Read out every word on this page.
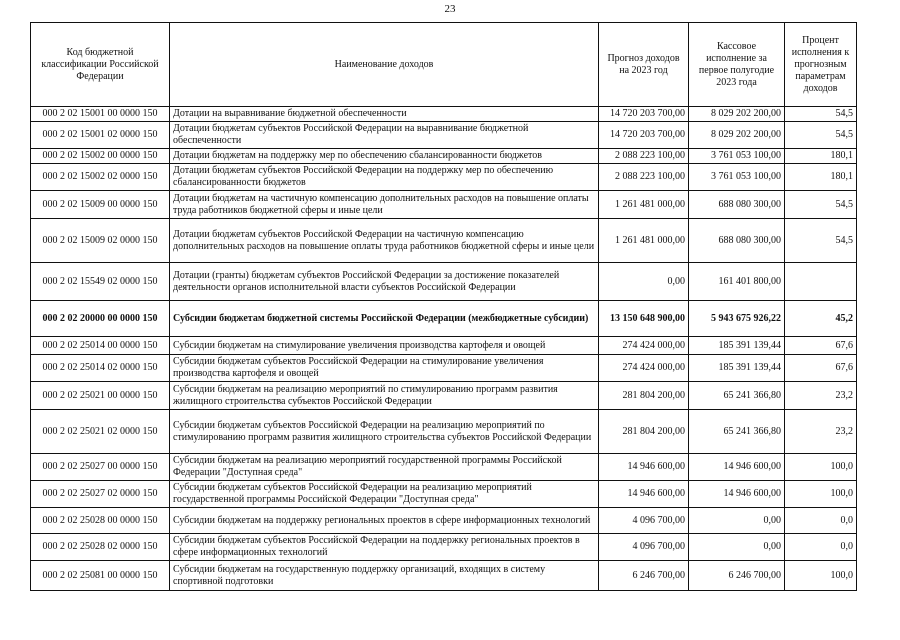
23
Код бюджетной классификации Российской Федерации	Наименование доходов	Прогноз доходов на 2023 год	Кассовое исполнение за первое полугодие 2023 года	Процент исполнения к прогнозным параметрам доходов
000 2 02 15001 00 0000 150	Дотации на выравнивание бюджетной обеспеченности	14 720 203 700,00	8 029 202 200,00	54,5
000 2 02 15001 02 0000 150	Дотации бюджетам субъектов Российской Федерации на выравнивание бюджетной обеспеченности	14 720 203 700,00	8 029 202 200,00	54,5
000 2 02 15002 00 0000 150	Дотации бюджетам на поддержку мер по обеспечению сбалансированности бюджетов	2 088 223 100,00	3 761 053 100,00	180,1
000 2 02 15002 02 0000 150	Дотации бюджетам субъектов Российской Федерации на поддержку мер по обеспечению сбалансированности бюджетов	2 088 223 100,00	3 761 053 100,00	180,1
000 2 02 15009 00 0000 150	Дотации бюджетам на частичную компенсацию дополнительных расходов на повышение оплаты труда работников бюджетной сферы и иные цели	1 261 481 000,00	688 080 300,00	54,5
000 2 02 15009 02 0000 150	Дотации бюджетам субъектов Российской Федерации на частичную компенсацию дополнительных расходов на повышение оплаты труда работников бюджетной сферы и иные цели	1 261 481 000,00	688 080 300,00	54,5
000 2 02 15549 02 0000 150	Дотации (гранты) бюджетам субъектов Российской Федерации за достижение показателей деятельности органов исполнительной власти субъектов Российской Федерации	0,00	161 401 800,00	
000 2 02 20000 00 0000 150	Субсидии бюджетам бюджетной системы Российской Федерации (межбюджетные субсидии)	13 150 648 900,00	5 943 675 926,22	45,2
000 2 02 25014 00 0000 150	Субсидии бюджетам на стимулирование увеличения производства картофеля и овощей	274 424 000,00	185 391 139,44	67,6
000 2 02 25014 02 0000 150	Субсидии бюджетам субъектов Российской Федерации на стимулирование увеличения производства картофеля и овощей	274 424 000,00	185 391 139,44	67,6
000 2 02 25021 00 0000 150	Субсидии бюджетам на реализацию мероприятий по стимулированию программ развития жилищного строительства субъектов Российской Федерации	281 804 200,00	65 241 366,80	23,2
000 2 02 25021 02 0000 150	Субсидии бюджетам субъектов Российской Федерации на реализацию мероприятий по стимулированию программ развития жилищного строительства субъектов Российской Федерации	281 804 200,00	65 241 366,80	23,2
000 2 02 25027 00 0000 150	Субсидии бюджетам на реализацию мероприятий государственной программы Российской Федерации "Доступная среда"	14 946 600,00	14 946 600,00	100,0
000 2 02 25027 02 0000 150	Субсидии бюджетам субъектов Российской Федерации на реализацию мероприятий государственной программы Российской Федерации "Доступная среда"	14 946 600,00	14 946 600,00	100,0
000 2 02 25028 00 0000 150	Субсидии бюджетам на поддержку региональных проектов в сфере информационных технологий	4 096 700,00	0,00	0,0
000 2 02 25028 02 0000 150	Субсидии бюджетам субъектов Российской Федерации на поддержку региональных проектов в сфере информационных технологий	4 096 700,00	0,00	0,0
000 2 02 25081 00 0000 150	Субсидии бюджетам на государственную поддержку организаций, входящих в систему спортивной подготовки	6 246 700,00	6 246 700,00	100,0
